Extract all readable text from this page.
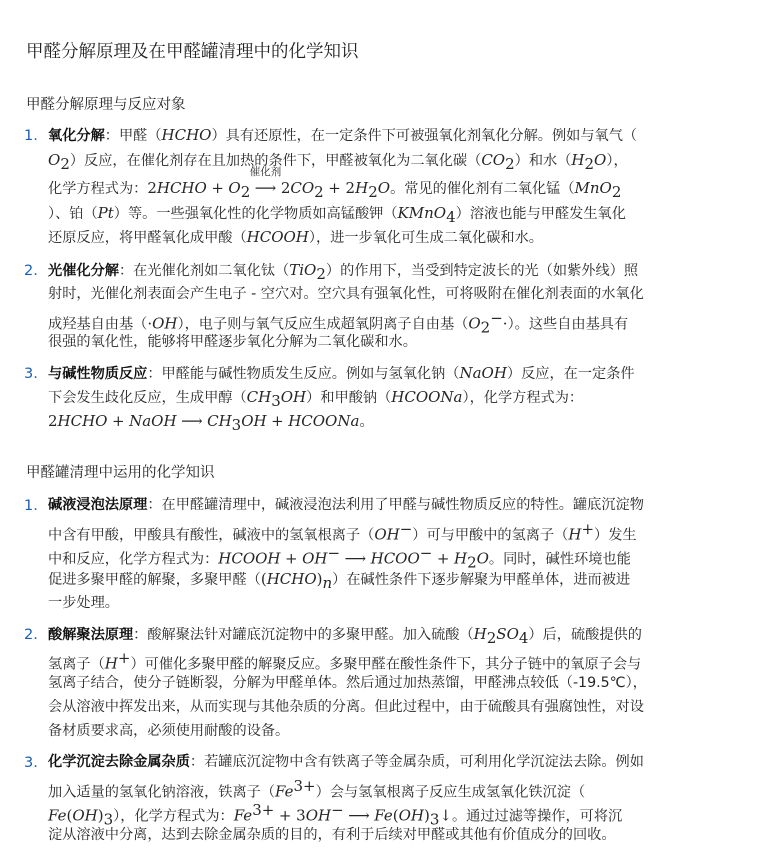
甲醛分解原理及在甲醛罐清理中的化学知识
甲醛分解原理与反应对象
1. 氧化分解：甲醛（HCHO）具有还原性，在一定条件下可被强氧化剂氧化分解。例如与氧气（
$O_2$）反应，在催化剂存在且加热的条件下，甲醛被氧化为二氧化碳$(CO_2)$和水$(H_2O)$，
化学方程式为：2HCHO + $O_2$
催化剂
⟶ $2CO_2 + 2H_2O$。常见的催化剂有二氧化锰（MnO$_2$
）、铂（Pt）等。一些强氧化性的化学物质如高锰酸钾（KMnO$_4$）溶液也能与甲醛发生氧化
还原反应，将甲醛氧化成甲酸（HCOOH），进一步氧化可生成二氧化碳和水。
2. 光催化分解：在光催化剂如二氧化钛（TiO$_2$）的作用下，当受到特定波长的光（如紫外线）照
射时，光催化剂表面会产生电子 - 空穴对。空穴具有强氧化性，可将吸附在催化剂表面的水氧化
成羟基自由基（·OH），电子则与氧气反应生成超氧阴离子自由基$(O_2^-\cdot)$。这些自由基具有
很强的氧化性，能够将甲醛逐步氧化分解为二氧化碳和水。
3. 与碱性物质反应：甲醛能与碱性物质发生反应。例如与氢氧化钠（NaOH）反应，在一定条件
下会发生歧化反应，生成甲醇$(CH_3OH)$和甲酸钠（HCOONa），化学方程式为：
2HCHO + NaOH ⟶ $CH_3OH$ + HCOONa。
甲醛罐清理中运用的化学知识
1. 碱液浸泡法原理：在甲醛罐清理中，碱液浸泡法利用了甲醛与碱性物质反应的特性。罐底沉淀物
中含有甲酸，甲酸具有酸性，碱液中的氢氧根离子（OH−）可与甲酸中的氢离子（H+）发生
中和反应，化学方程式为：HCOOH + OH− ⟶ HCOO− + $H_2O$。同时，碱性环境也能
促进多聚甲醛的解聚，多聚甲醛$((HCHO)_n)$在碱性条件下逐步解聚为甲醛单体，进而被进
一步处理。
2. 酸解聚法原理：酸解聚法针对罐底沉淀物中的多聚甲醛。加入硫酸$(H_2SO_4)$后，硫酸提供的
氢离子（H+）可催化多聚甲醛的解聚反应。多聚甲醛在酸性条件下，其分子链中的氧原子会与
氢离子结合，使分子链断裂，分解为甲醛单体。然后通过加热蒸馏，甲醛沸点较低（-19.5℃），
会从溶液中挥发出来，从而实现与其他杂质的分离。但此过程中，由于硫酸具有强腐蚀性，对设
备材质要求高，必须使用耐酸的设备。
3. 化学沉淀去除金属杂质：若罐底沉淀物中含有铁离子等金属杂质，可利用化学沉淀法去除。例如
加入适量的氢氧化钠溶液，铁离子$(Fe^{3+})$会与氢氧根离子反应生成氢氧化铁沉淀（
$Fe(OH)_3$），化学方程式为：$Fe^{3+} + 3OH^-$ ⟶ $Fe(OH)_3↓$。通过过滤等操作，可将沉
淀从溶液中分离，达到去除金属杂质的目的，有利于后续对甲醛或其他有价值成分的回收。
